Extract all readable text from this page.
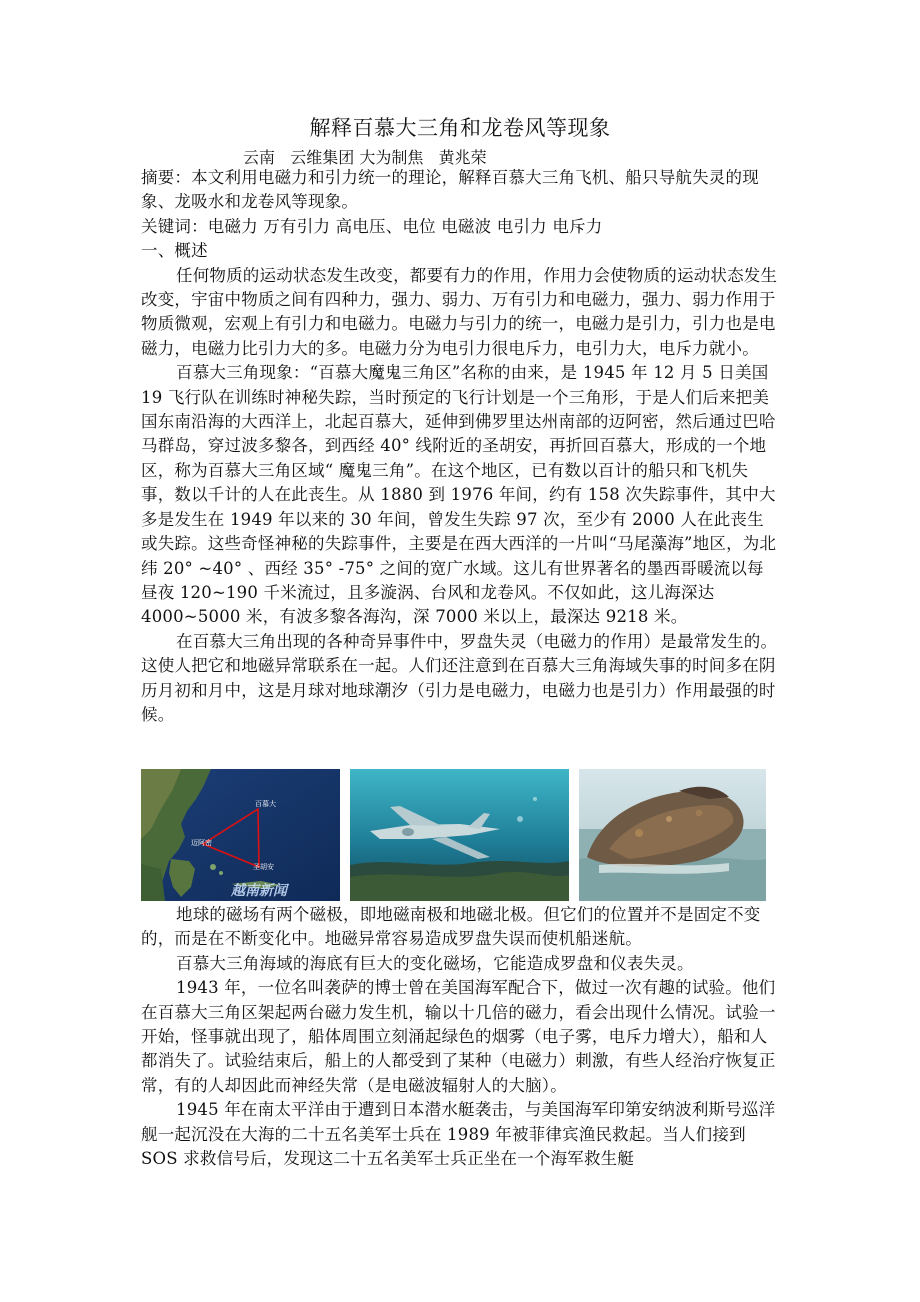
解释百慕大三角和龙卷风等现象
云南   云维集团 大为制焦   黄兆荣

摘要：本文利用电磁力和引力统一的理论，解释百慕大三角飞机、船只导航失灵的现象、龙吸水和龙卷风等现象。

关键词：电磁力 万有引力 高电压、电位 电磁波 电引力 电斥力

一、概述

任何物质的运动状态发生改变，都要有力的作用，作用力会使物质的运动状态发生改变，宇宙中物质之间有四种力，强力、弱力、万有引力和电磁力，强力、弱力作用于物质微观，宏观上有引力和电磁力。电磁力与引力的统一，电磁力是引力，引力也是电磁力，电磁力比引力大的多。电磁力分为电引力很电斥力，电引力大，电斥力就小。

百慕大三角现象：“百慕大魔鬼三角区”名称的由来，是 1945 年 12 月 5 日美国 19 飞行队在训练时神秘失踪，当时预定的飞行计划是一个三角形，于是人们后来把美国东南沿海的大西洋上，北起百慕大，延伸到佛罗里达州南部的迈阿密，然后通过巴哈马群岛，穿过波多黎各，到西经 40° 线附近的圣胡安，再折回百慕大，形成的一个地区，称为百慕大三角区域“ 魔鬼三角”。在这个地区，已有数以百计的船只和飞机失事，数以千计的人在此丧生。从 1880 到 1976 年间，约有 158 次失踪事件，其中大多是发生在 1949 年以来的 30 年间，曾发生失踪 97 次，至少有 2000 人在此丧生或失踪。这些奇怪神秘的失踪事件，主要是在西大西洋的一片叫“马尾藻海”地区，为北纬 20° ~40° 、西经 35° -75° 之间的宽广水域。这儿有世界著名的墨西哥暖流以每昼夜 120~190 千米流过，且多漩涡、台风和龙卷风。不仅如此，这儿海深达 4000~5000 米，有波多黎各海沟，深 7000 米以上，最深达 9218 米。

在百慕大三角出现的各种奇异事件中，罗盘失灵（电磁力的作用）是最常发生的。这使人把它和地磁异常联系在一起。人们还注意到在百慕大三角海域失事的时间多在阴历月初和月中，这是月球对地球潮汐（引力是电磁力，电磁力也是引力）作用最强的时候。

百慕大
迈阿密
圣胡安
越南新闻

地球的磁场有两个磁极，即地磁南极和地磁北极。但它们的位置并不是固定不变的，而是在不断变化中。地磁异常容易造成罗盘失误而使机船迷航。

百慕大三角海域的海底有巨大的变化磁场，它能造成罗盘和仪表失灵。

1943 年，一位名叫袭萨的博士曾在美国海军配合下，做过一次有趣的试验。他们在百慕大三角区架起两台磁力发生机，输以十几倍的磁力，看会出现什么情况。试验一开始，怪事就出现了，船体周围立刻涌起绿色的烟雾（电子雾，电斥力增大），船和人都消失了。试验结束后，船上的人都受到了某种（电磁力）刺激，有些人经治疗恢复正常，有的人却因此而神经失常（是电磁波辐射人的大脑）。

1945 年在南太平洋由于遭到日本潜水艇袭击，与美国海军印第安纳波利斯号巡洋舰一起沉没在大海的二十五名美军士兵在 1989 年被菲律宾渔民救起。当人们接到 SOS 求救信号后，发现这二十五名美军士兵正坐在一个海军救生艇
